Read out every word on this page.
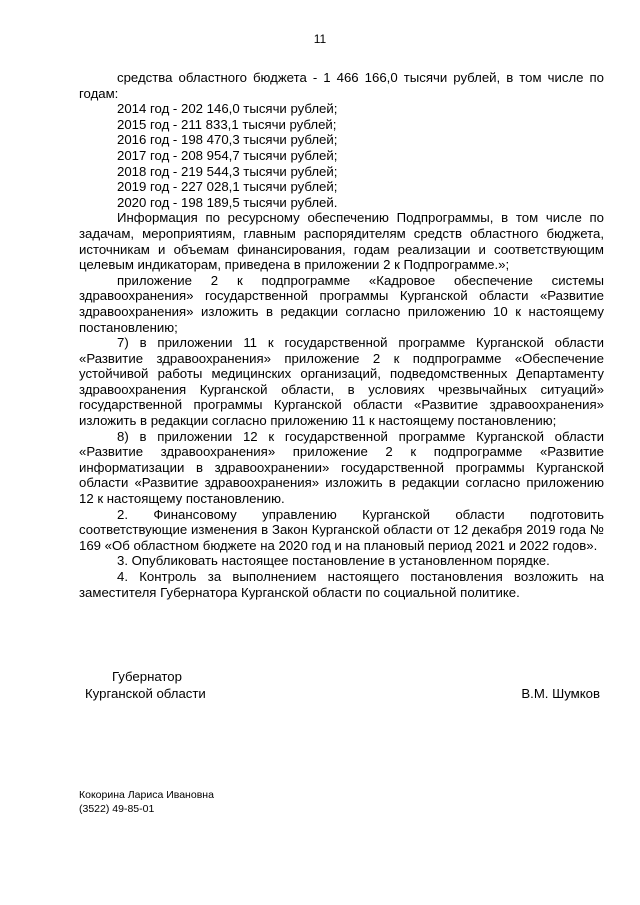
11

средства областного бюджета - 1 466 166,0 тысячи рублей, в том числе по годам:

2014 год - 202 146,0 тысячи рублей;
2015 год - 211 833,1 тысячи рублей;
2016 год - 198 470,3 тысячи рублей;
2017 год - 208 954,7 тысячи рублей;
2018 год - 219 544,3 тысячи рублей;
2019 год - 227 028,1 тысячи рублей;
2020 год - 198 189,5 тысячи рублей.

Информация по ресурсному обеспечению Подпрограммы, в том числе по задачам, мероприятиям, главным распорядителям средств областного бюджета, источникам и объемам финансирования, годам реализации и соответствующим целевым индикаторам, приведена в приложении 2 к Подпрограмме.»;

приложение 2 к подпрограмме «Кадровое обеспечение системы здравоохранения» государственной программы Курганской области «Развитие здравоохранения» изложить в редакции согласно приложению 10 к настоящему постановлению;

7) в приложении 11 к государственной программе Курганской области «Развитие здравоохранения» приложение 2 к подпрограмме «Обеспечение устойчивой работы медицинских организаций, подведомственных Департаменту здравоохранения Курганской области, в условиях чрезвычайных ситуаций» государственной программы Курганской области «Развитие здравоохранения» изложить в редакции согласно приложению 11 к настоящему постановлению;

8) в приложении 12 к государственной программе Курганской области «Развитие здравоохранения» приложение 2 к подпрограмме «Развитие информатизации в здравоохранении» государственной программы Курганской области «Развитие здравоохранения» изложить в редакции согласно приложению 12 к настоящему постановлению.

2. Финансовому управлению Курганской области подготовить соответствующие изменения в Закон Курганской области от 12 декабря 2019 года № 169 «Об областном бюджете на 2020 год и на плановый период 2021 и 2022 годов».

3. Опубликовать настоящее постановление в установленном порядке.

4. Контроль за выполнением настоящего постановления возложить на заместителя Губернатора Курганской области по социальной политике.

Губернатор
Курганской области	В.М. Шумков
Кокорина Лариса Ивановна
(3522) 49-85-01
